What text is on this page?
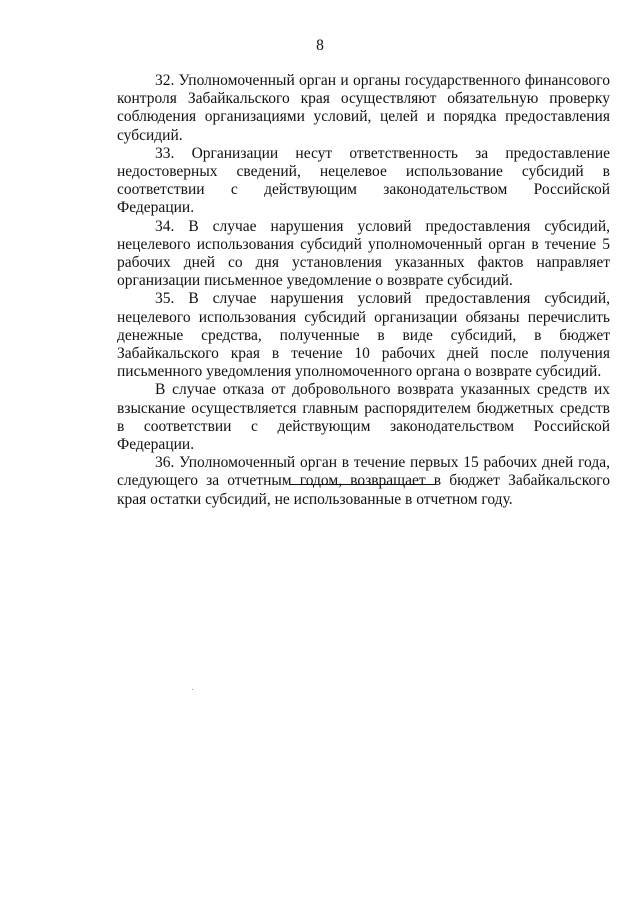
8

32. Уполномоченный орган и органы государственного финансового контроля Забайкальского края осуществляют обязательную проверку соблюдения организациями условий, целей и порядка предоставления субсидий.

33. Организации несут ответственность за предоставление недостоверных сведений, нецелевое использование субсидий в соответствии с действующим законодательством Российской Федерации.

34. В случае нарушения условий предоставления субсидий, нецелевого использования субсидий уполномоченный орган в течение 5 рабочих дней со дня установления указанных фактов направляет организации письменное уведомление о возврате субсидий.

35. В случае нарушения условий предоставления субсидий, нецелевого использования субсидий организации обязаны перечислить денежные средства, полученные в виде субсидий, в бюджет Забайкальского края в течение 10 рабочих дней после получения письменного уведомления уполномоченного органа о возврате субсидий.

В случае отказа от добровольного возврата указанных средств их взыскание осуществляется главным распорядителем бюджетных средств в соответствии с действующим законодательством Российской Федерации.

36. Уполномоченный орган в течение первых 15 рабочих дней года, следующего за отчетным годом, возвращает в бюджет Забайкальского края остатки субсидий, не использованные в отчетном году.
